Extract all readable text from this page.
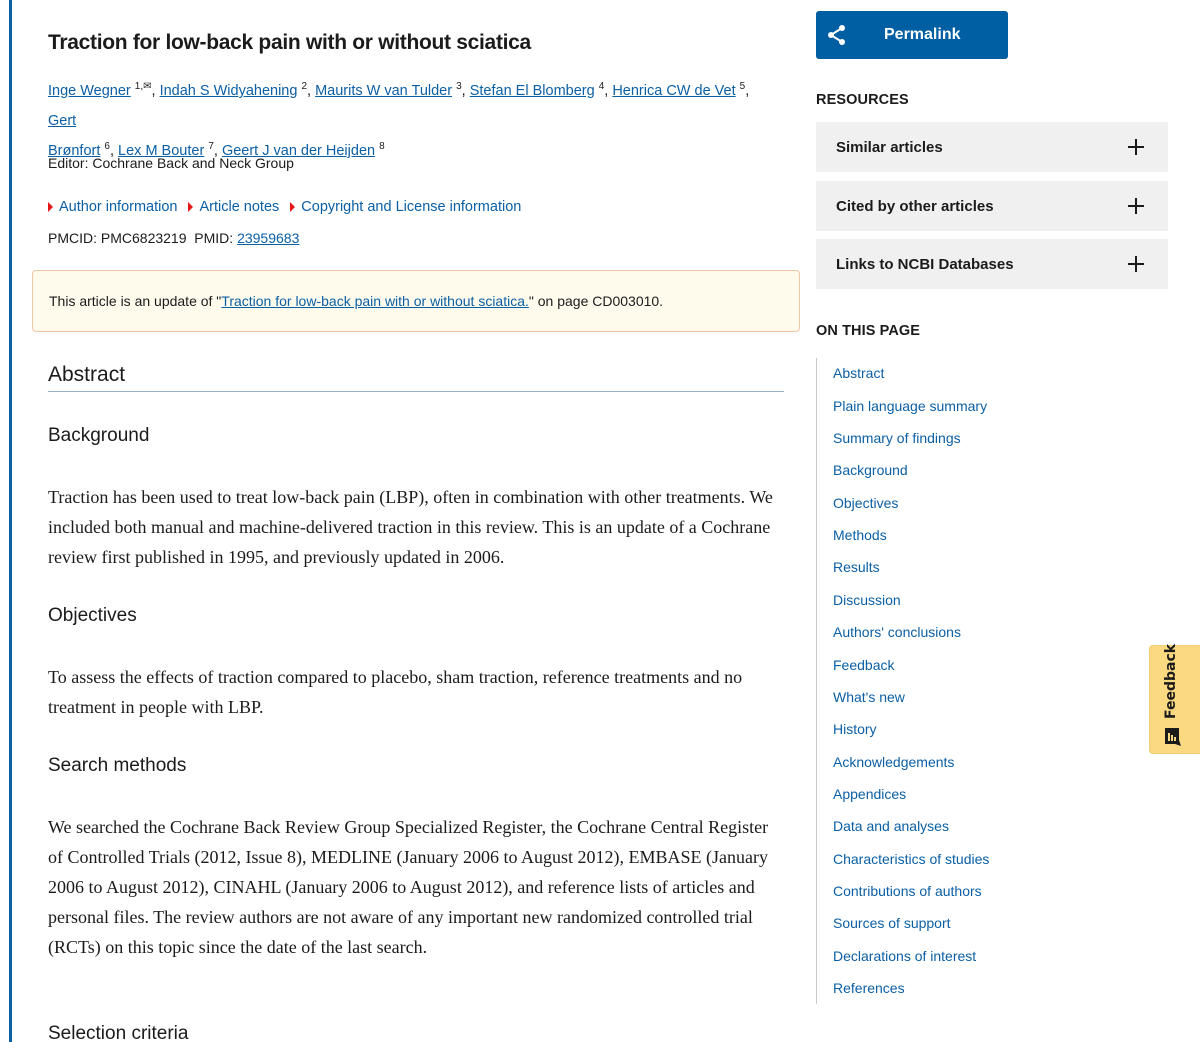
Traction for low-back pain with or without sciatica
Inge Wegner $^{1,✉}$, Indah S Widyahening $^2$, Maurits W van Tulder $^3$, Stefan El Blomberg $^4$, Henrica CW de Vet $^5$, Gert
Brønfort $^6$, Lex M Bouter $^7$, Geert J van der Heijden $^8$
Editor: Cochrane Back and Neck Group
Author information Article notes Copyright and License information
PMCID: PMC6823219 PMID: 23959683
This article is an update of " Traction for low-back pain with or without sciatica. " on page CD003010.
Abstract
Background

Traction has been used to treat low-back pain (LBP), often in combination with other treatments. We included both manual and machine-delivered traction in this review. This is an update of a Cochrane review first published in 1995, and previously updated in 2006.

Objectives

To assess the effects of traction compared to placebo, sham traction, reference treatments and no treatment in people with LBP.

Search methods

We searched the Cochrane Back Review Group Specialized Register, the Cochrane Central Register of Controlled Trials (2012, Issue 8), MEDLINE (January 2006 to August 2012), EMBASE (January 2006 to August 2012), CINAHL (January 2006 to August 2012), and reference lists of articles and personal files. The review authors are not aware of any important new randomized controlled trial (RCTs) on this topic since the date of the last search.

Selection criteria
Permalink
RESOURCES
Similar articles
Cited by other articles
Links to NCBI Databases
ON THIS PAGE
Abstract
Plain language summary
Summary of findings
Background
Objectives
Methods
Results
Discussion
Authors' conclusions
Feedback
What's new
History
Acknowledgements
Appendices
Data and analyses
Characteristics of studies
Contributions of authors
Sources of support
Declarations of interest
References
Feedback
